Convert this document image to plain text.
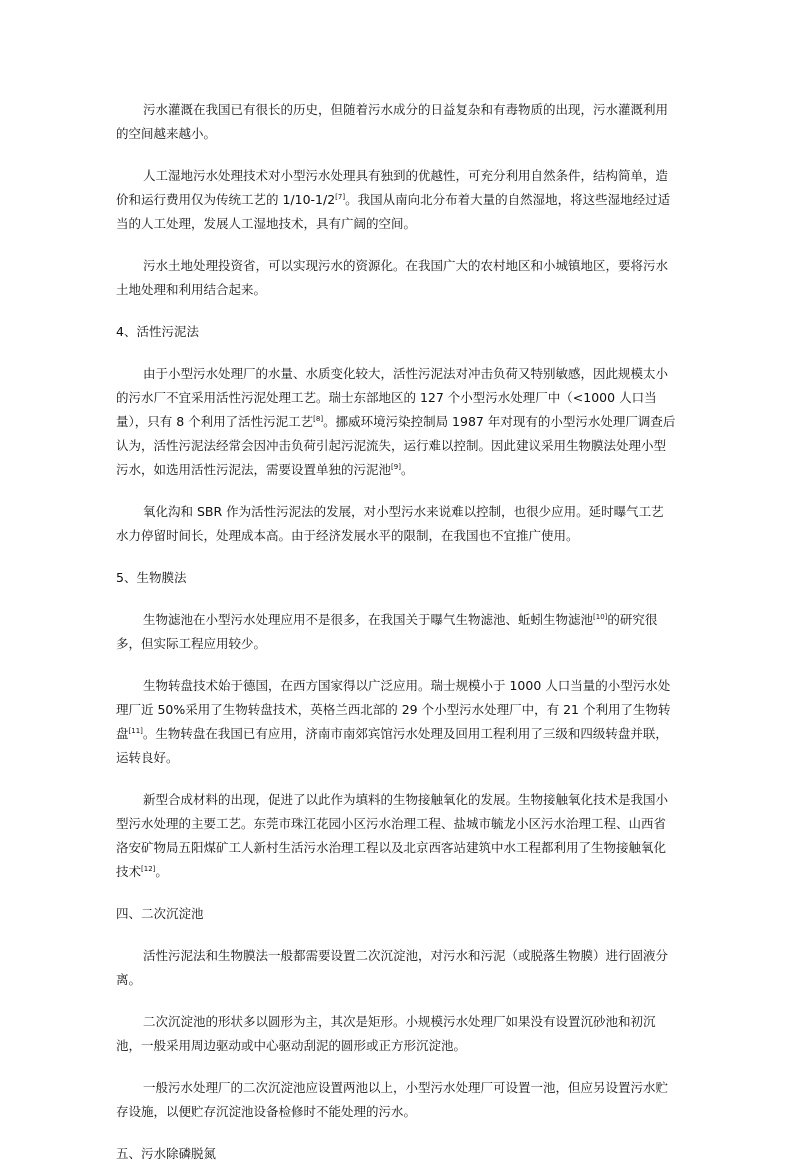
污水灌溉在我国已有很长的历史，但随着污水成分的日益复杂和有毒物质的出现，污水灌溉利用的空间越来越小。

人工湿地污水处理技术对小型污水处理具有独到的优越性，可充分利用自然条件，结构简单，造价和运行费用仅为传统工艺的 1/10-1/2[7]。我国从南向北分布着大量的自然湿地，将这些湿地经过适当的人工处理，发展人工湿地技术，具有广阔的空间。

污水土地处理投资省，可以实现污水的资源化。在我国广大的农村地区和小城镇地区，要将污水土地处理和利用结合起来。

4、活性污泥法

由于小型污水处理厂的水量、水质变化较大，活性污泥法对冲击负荷又特别敏感，因此规模太小的污水厂不宜采用活性污泥处理工艺。瑞士东部地区的 127 个小型污水处理厂中（<1000 人口当量），只有 8 个利用了活性污泥工艺[8]。挪威环境污染控制局 1987 年对现有的小型污水处理厂调查后认为，活性污泥法经常会因冲击负荷引起污泥流失，运行难以控制。因此建议采用生物膜法处理小型污水，如选用活性污泥法，需要设置单独的污泥池[9]。

氧化沟和 SBR 作为活性污泥法的发展，对小型污水来说难以控制，也很少应用。延时曝气工艺水力停留时间长，处理成本高。由于经济发展水平的限制，在我国也不宜推广使用。

5、生物膜法

生物滤池在小型污水处理应用不是很多，在我国关于曝气生物滤池、蚯蚓生物滤池[10]的研究很多，但实际工程应用较少。

生物转盘技术始于德国，在西方国家得以广泛应用。瑞士规模小于 1000 人口当量的小型污水处理厂近 50%采用了生物转盘技术，英格兰西北部的 29 个小型污水处理厂中，有 21 个利用了生物转盘[11]。生物转盘在我国已有应用，济南市南郊宾馆污水处理及回用工程利用了三级和四级转盘并联，运转良好。

新型合成材料的出现，促进了以此作为填料的生物接触氧化的发展。生物接触氧化技术是我国小型污水处理的主要工艺。东莞市珠江花园小区污水治理工程、盐城市毓龙小区污水治理工程、山西省洛安矿物局五阳煤矿工人新村生活污水治理工程以及北京西客站建筑中水工程都利用了生物接触氧化技术[12]。

四、二次沉淀池

活性污泥法和生物膜法一般都需要设置二次沉淀池，对污水和污泥（或脱落生物膜）进行固液分离。

二次沉淀池的形状多以圆形为主，其次是矩形。小规模污水处理厂如果没有设置沉砂池和初沉池，一般采用周边驱动或中心驱动刮泥的圆形或正方形沉淀池。

一般污水处理厂的二次沉淀池应设置两池以上，小型污水处理厂可设置一池，但应另设置污水贮存设施，以便贮存沉淀池设备检修时不能处理的污水。

五、污水除磷脱氮
